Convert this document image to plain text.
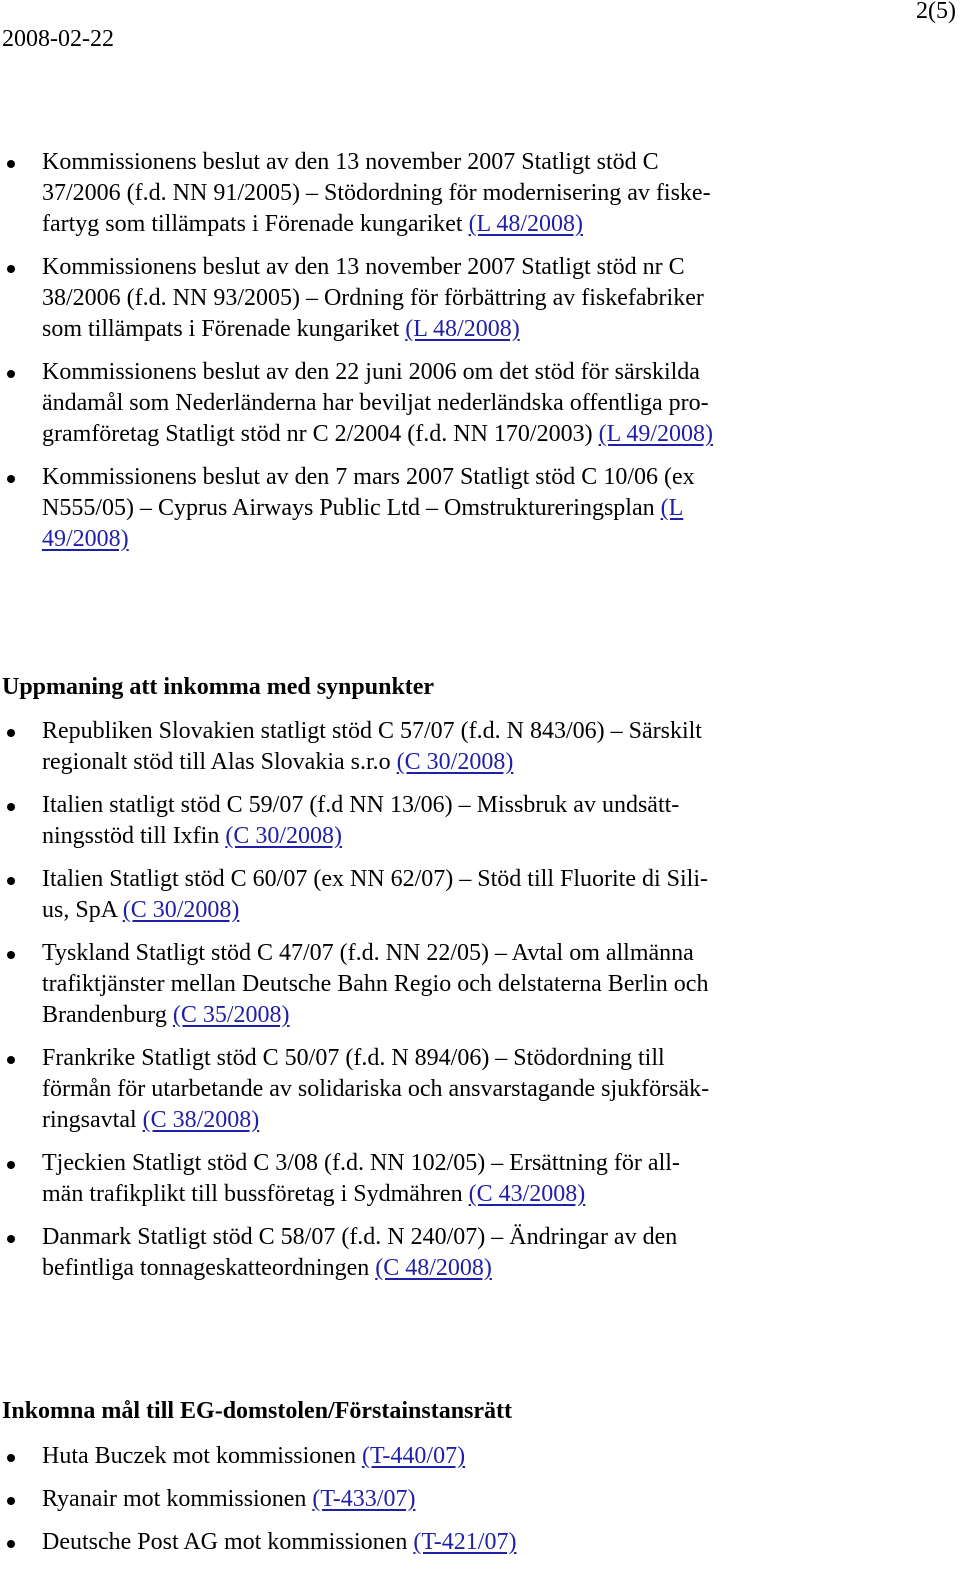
2008-02-22
2(5)
Kommissionens beslut av den 13 november 2007 Statligt stöd C
37/2006 (f.d. NN 91/2005) – Stödordning för modernisering av fiske-
fartyg som tillämpats i Förenade kungariket (L 48/2008)
Kommissionens beslut av den 13 november 2007 Statligt stöd nr C
38/2006 (f.d. NN 93/2005) – Ordning för förbättring av fiskefabriker
som tillämpats i Förenade kungariket (L 48/2008)
Kommissionens beslut av den 22 juni 2006 om det stöd för särskilda
ändamål som Nederländerna har beviljat nederländska offentliga pro-
gramföretag Statligt stöd nr C 2/2004 (f.d. NN 170/2003) (L 49/2008)
Kommissionens beslut av den 7 mars 2007 Statligt stöd C 10/06 (ex
N555/05) – Cyprus Airways Public Ltd – Omstruktureringsplan (L
49/2008)
Uppmaning att inkomma med synpunkter
Republiken Slovakien statligt stöd C 57/07 (f.d. N 843/06) – Särskilt
regionalt stöd till Alas Slovakia s.r.o (C 30/2008)
Italien statligt stöd C 59/07 (f.d NN 13/06) – Missbruk av undsätt-
ningsstöd till Ixfin (C 30/2008)
Italien Statligt stöd C 60/07 (ex NN 62/07) – Stöd till Fluorite di Sili-
us, SpA (C 30/2008)
Tyskland Statligt stöd C 47/07 (f.d. NN 22/05) – Avtal om allmänna
trafiktjänster mellan Deutsche Bahn Regio och delstaterna Berlin och
Brandenburg (C 35/2008)
Frankrike Statligt stöd C 50/07 (f.d. N 894/06) – Stödordning till
förmån för utarbetande av solidariska och ansvarstagande sjukförsäk-
ringsavtal (C 38/2008)
Tjeckien Statligt stöd C 3/08 (f.d. NN 102/05) – Ersättning för all-
män trafikplikt till bussföretag i Sydmähren (C 43/2008)
Danmark Statligt stöd C 58/07 (f.d. N 240/07) – Ändringar av den
befintliga tonnageskatteordningen (C 48/2008)
Inkomna mål till EG-domstolen/Förstainstansrätt
Huta Buczek mot kommissionen (T-440/07)
Ryanair mot kommissionen (T-433/07)
Deutsche Post AG mot kommissionen (T-421/07)
